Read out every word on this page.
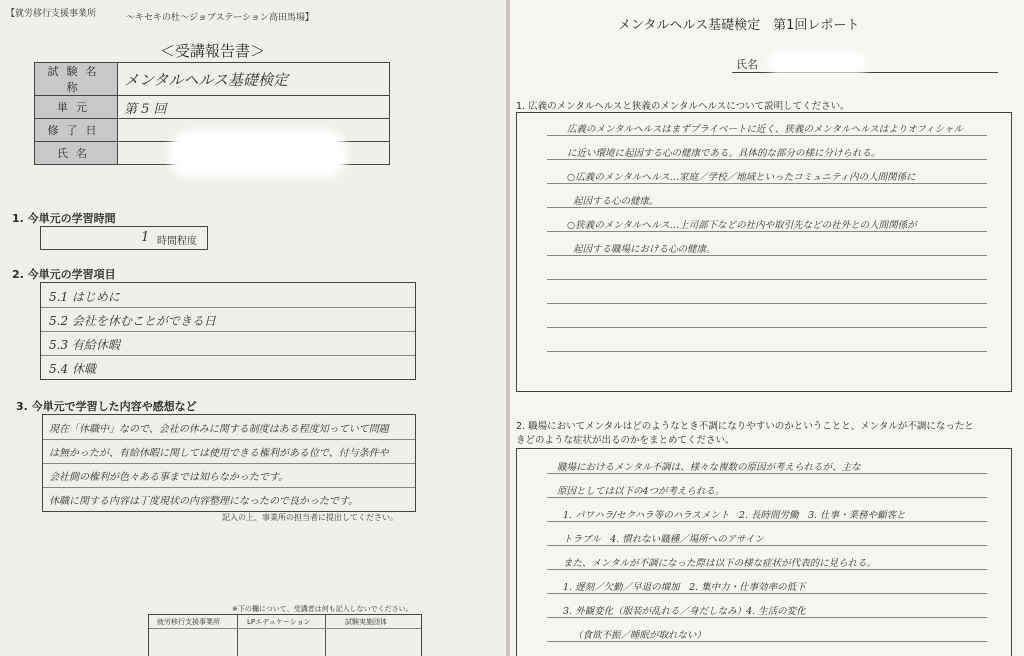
【就労移行支援事業所	～キセキの杜～ジョブステーション高田馬場】
＜受講報告書＞
試験名称	メンタルヘルス基礎検定
単元	第 5 回
修了日	
氏名	
1. 今単元の学習時間
1 時間程度
2. 今単元の学習項目
5.1 はじめに
5.2 会社を休むことができる日
5.3 有給休暇
5.4 休職
3. 今単元で学習した内容や感想など
現在「休職中」なので、会社の休みに関する制度はある程度知っていて問題
は無かったが、有給休暇に関しては使用できる権利がある位で、付与条件や
会社側の権利が色々ある事までは知らなかったです。
休職に関する内容は丁度現状の内容整理になったので良かったです。
記入の上、事業所の担当者に提出してください。
※下の欄について、受講者は何も記入しないでください。
就労移行支援事業所	LPエデュケーション	試験実施団体
メンタルヘルス基礎検定　第1回レポート
氏名
1. 広義のメンタルヘルスと狭義のメンタルヘルスについて説明してください。
広義のメンタルヘルスはまずプライベートに近く、狭義のメンタルヘルスはよりオフィシャル
に近い環境に起因する心の健康である。具体的な部分の様に分けられる。
○広義のメンタルヘルス…家庭／学校／地域といったコミュニティ内の人間関係に
起因する心の健康。
○狭義のメンタルヘルス…上司部下などの社内や取引先などの社外との人間関係が
起因する職場における心の健康。
2. 職場においてメンタルはどのようなとき不調になりやすいのかということと、メンタルが不調になったと
きどのような症状が出るのかをまとめてください。
職場におけるメンタル不調は、様々な複数の原因が考えられるが、主な
原因としては以下の4つが考えられる。
1. パワハラ/セクハラ等のハラスメント　2. 長時間労働　3. 仕事・業務や顧客と
トラブル　4. 慣れない職種／場所へのアサイン
また、メンタルが不調になった際は以下の様な症状が代表的に見られる。
1. 遅刻／欠勤／早退の増加　2. 集中力・仕事効率の低下
3. 外観変化（服装が乱れる／身だしなみ）4. 生活の変化
（食欲不振／睡眠が取れない）
